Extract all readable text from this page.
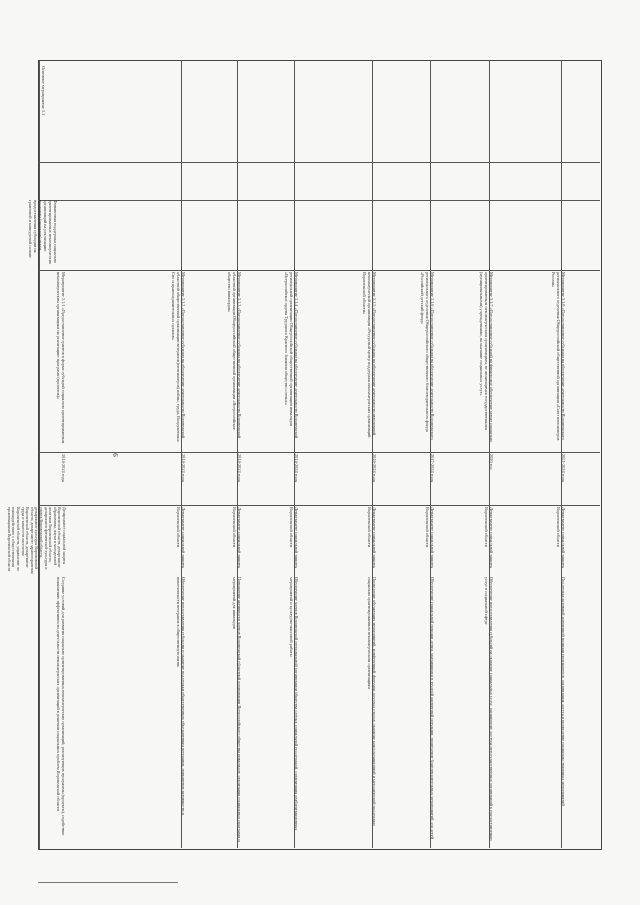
6
Основное мероприятие 3.1
Финансовая поддержка социально ориентированных некоммерческих организаций на реализацию программ (проектов) путем предоставления субсидии на грантовой и конкурсной основе
Мероприятие 3.1.1 «Предоставление грантов в форме субсидий социально ориентированным некоммерческим организациям на реализацию программ (проектов)»
2014-2024 годы
Департамент социальной защиты Воронежской области, департамент образования, науки и молодежной политики Воронежской области, департамент физической культуры и спорта Воронежской области, департамент культуры Воронежской области, департамент здравоохранения Воронежской области, департамент труда и занятости населения Воронежской области, управление по взаимодействию с общественными организациями Воронежской области
Создание условий для развития социально ориентированных некоммерческих организаций, реализующих программы (проекты), содействие повышению эффективности деятельности некоммерческих организаций в решении социальных проблем Воронежской области
Мероприятие 3.1.2 «Предоставление субсидии на обеспечение деятельности Воронежской областной общественной организации ветеранов (пенсионеров) войны, труда, Вооруженных Сил и правоохранительных органов»
2014-2024 годы
Департамент социальной защиты Воронежской области
Обеспечение предоставления субсидии и оказание поддержки общественным объединениям ветеранов, повышение активности и вовлеченности ветеранов в общественную жизнь
Мероприятие 3.1.3 «Предоставление субсидии на обеспечение деятельности Воронежской областной организации Общероссийской общественной организации «Всероссийское общество инвалидов»
2014-2024 годы
Департамент социальной защиты Воронежской области
Повышение активности членов Воронежской областной организации Всероссийского общества инвалидов, реализация социальных программ и мероприятий для инвалидов
Мероприятие 3.1.4 «Предоставление субсидии на обеспечение деятельности Воронежской региональной организации Общероссийской общественной организации инвалидов «Всероссийское ордена Трудового Красного Знамени общество слепых»
2014-2024 годы
Департамент социальной защиты Воронежской области
Обеспечение членов Воронежской региональной организации общества слепых социальной поддержкой, организация реабилитационных мероприятий и культурно-массовой работы
Мероприятие 3.1.5 «Предоставление субсидии на обеспечение деятельности автономной некоммерческой организации «Ресурсный центр поддержки некоммерческих организаций Воронежской области»
2016-2024 годы
Департамент социальной защиты Воронежской области
Проведение обучающих мероприятий, конференций, форумов, круглых столов, оказание консультационной и методической поддержки социально ориентированным некоммерческим организациям
Мероприятие 3.1.6 «Предоставление субсидии на обеспечение деятельности Воронежского регионального отделения Общероссийского общественного благотворительного фонда «Российский детский фонд»
2017-2024 годы
Департамент социальной защиты Воронежской области
Обеспечение социальной помощи детям, оказавшимся в трудной жизненной ситуации, проведение благотворительных мероприятий для детей
Мероприятие 3.1.7 «Предоставление субсидий на финансовое обеспечение затрат социально ориентированным некоммерческим организациям, не являющимся государственными (муниципальными) учреждениями, на оказание социальных услуг»
2020 год
Департамент социальной защиты Воронежской области
Обеспечение предоставления субсидий на оказание социальных услуг, расширение доступа негосударственных организаций к предоставлению услуг в социальной сфере
Мероприятие 3.1.8 «Предоставление субсидии на обеспечение деятельности Воронежского регионального отделения Общероссийской общественной организации «Союз пенсионеров России»
2021-2024 годы
Департамент социальной защиты Воронежской области
Поддержка активной жизненной позиции пенсионеров, организация досуга и проведение социально значимых мероприятий
